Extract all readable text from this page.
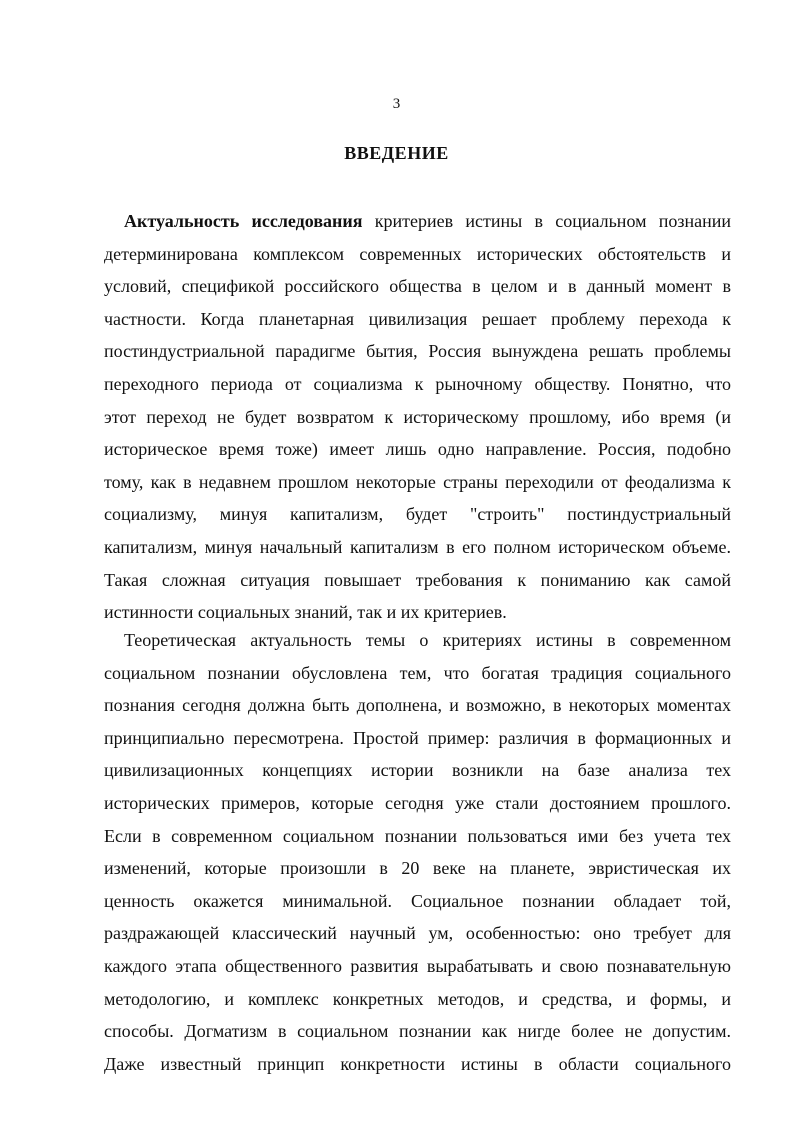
3
ВВЕДЕНИЕ
Актуальность исследования критериев истины в социальном познании
детерминирована комплексом современных исторических обстоятельств и
условий, спецификой российского общества в целом и в данный момент в
частности. Когда планетарная цивилизация решает проблему перехода к
постиндустриальной парадигме бытия, Россия вынуждена решать проблемы
переходного периода от социализма к рыночному обществу. Понятно, что
этот переход не будет возвратом к историческому прошлому, ибо время (и
историческое время тоже) имеет лишь одно направление. Россия, подобно
тому, как в недавнем прошлом некоторые страны переходили от феодализма к
социализму, минуя капитализм, будет "строить" постиндустриальный
капитализм, минуя начальный капитализм в его полном историческом объеме.
Такая сложная ситуация повышает требования к пониманию как самой
истинности социальных знаний, так и их критериев.
Теоретическая актуальность темы о критериях истины в современном
социальном познании обусловлена тем, что богатая традиция социального
познания сегодня должна быть дополнена, и возможно, в некоторых моментах
принципиально пересмотрена. Простой пример: различия в формационных и
цивилизационных концепциях истории возникли на базе анализа тех
исторических примеров, которые сегодня уже стали достоянием прошлого.
Если в современном социальном познании пользоваться ими без учета тех
изменений, которые произошли в 20 веке на планете, эвристическая их
ценность окажется минимальной. Социальное познании обладает той,
раздражающей классический научный ум, особенностью: оно требует для
каждого этапа общественного развития вырабатывать и свою познавательную
методологию, и комплекс конкретных методов, и средства, и формы, и
способы. Догматизм в социальном познании как нигде более не допустим.
Даже известный принцип конкретности истины в области социального
